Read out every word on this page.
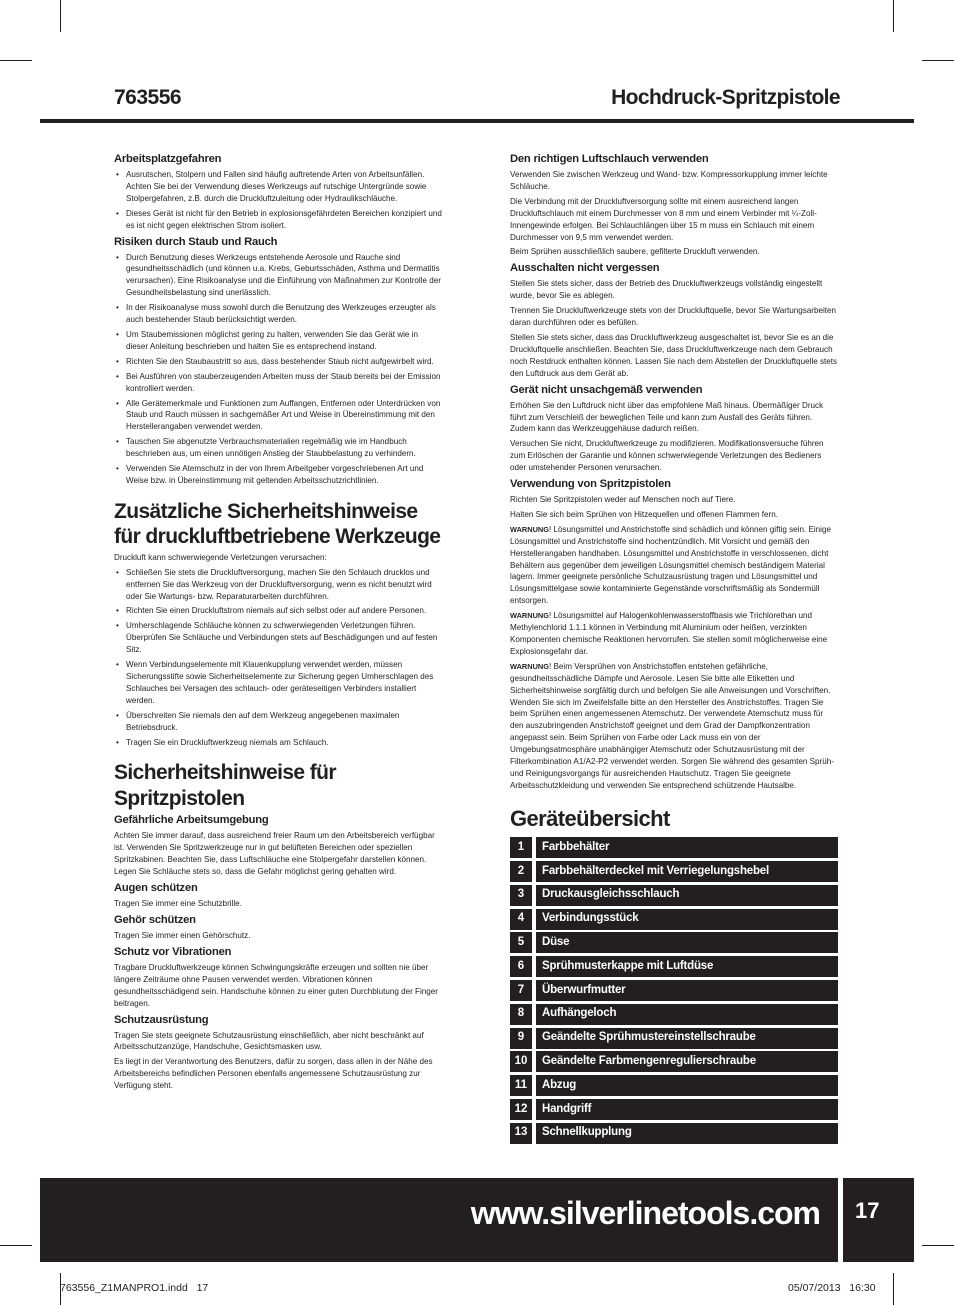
763556	Hochdruck-Spritzpistole
Arbeitsplatzgefahren
• Ausrutschen, Stolpern und Fallen sind häufig auftretende Arten von Arbeitsunfällen. Achten Sie bei der Verwendung dieses Werkzeugs auf rutschige Untergründe sowie Stolpergefahren, z.B. durch die Druckluftzuleitung oder Hydraulikschläuche.
• Dieses Gerät ist nicht für den Betrieb in explosionsgefährdeten Bereichen konzipiert und es ist nicht gegen elektrischen Strom isoliert.
Risiken durch Staub und Rauch
• Durch Benutzung dieses Werkzeugs entstehende Aerosole und Rauche sind gesundheitsschädlich (und können u.a. Krebs, Geburtsschäden, Asthma und Dermatitis verursachen). Eine Risikoanalyse und die Einführung von Maßnahmen zur Kontrolle der Gesundheitsbelastung sind unerlässlich.
• In der Risikoanalyse muss sowohl durch die Benutzung des Werkzeuges erzeugter als auch bestehender Staub berücksichtigt werden.
• Um Staubemissionen möglichst gering zu halten, verwenden Sie das Gerät wie in dieser Anleitung beschrieben und halten Sie es entsprechend instand.
• Richten Sie den Staubaustritt so aus, dass bestehender Staub nicht aufgewirbelt wird.
• Bei Ausführen von stauberzeugenden Arbeiten muss der Staub bereits bei der Emission kontrolliert werden.
• Alle Gerätemerkmale und Funktionen zum Auffangen, Entfernen oder Unterdrücken von Staub und Rauch müssen in sachgemäßer Art und Weise in Übereinstimmung mit den Herstellerangaben verwendet werden.
• Tauschen Sie abgenutzte Verbrauchsmaterialien regelmäßig wie im Handbuch beschrieben aus, um einen unnötigen Anstieg der Staubbelastung zu verhindern.
• Verwenden Sie Atemschutz in der von Ihrem Arbeitgeber vorgeschriebenen Art und Weise bzw. in Übereinstimmung mit geltenden Arbeitsschutzrichtlinien.
Zusätzliche Sicherheitshinweise für druckluftbetriebene Werkzeuge

Druckluft kann schwerwiegende Verletzungen verursachen:

• Schließen Sie stets die Druckluftversorgung, machen Sie den Schlauch drucklos und entfernen Sie das Werkzeug von der Druckluftversorgung, wenn es nicht benutzt wird oder Sie Wartungs- bzw. Reparaturarbeiten durchführen.
• Richten Sie einen Druckluftstrom niemals auf sich selbst oder auf andere Personen.
• Umherschlagende Schläuche können zu schwerwiegenden Verletzungen führen. Überprüfen Sie Schläuche und Verbindungen stets auf Beschädigungen und auf festen Sitz.
• Wenn Verbindungselemente mit Klauenkupplung verwendet werden, müssen Sicherungsstifte sowie Sicherheitselemente zur Sicherung gegen Umherschlagen des Schlauches bei Versagen des schlauch- oder geräteseitigen Verbinders installiert werden.
• Überschreiten Sie niemals den auf dem Werkzeug angegebenen maximalen Betriebsdruck.
• Tragen Sie ein Druckluftwerkzeug niemals am Schlauch.
Sicherheitshinweise für Spritzpistolen
Gefährliche Arbeitsumgebung

Achten Sie immer darauf, dass ausreichend freier Raum um den Arbeitsbereich verfügbar ist. Verwenden Sie Spritzwerkzeuge nur in gut belüfteten Bereichen oder speziellen Spritzkabinen. Beachten Sie, dass Luftschläuche eine Stolpergefahr darstellen können. Legen Sie Schläuche stets so, dass die Gefahr möglichst gering gehalten wird.

Augen schützen

Tragen Sie immer eine Schutzbrille.

Gehör schützen

Tragen Sie immer einen Gehörschutz.

Schutz vor Vibrationen

Tragbare Druckluftwerkzeuge können Schwingungskräfte erzeugen und sollten nie über längere Zeiträume ohne Pausen verwendet werden. Vibrationen können gesundheitsschädigend sein. Handschuhe können zu einer guten Durchblutung der Finger beitragen.

Schutzausrüstung

Tragen Sie stets geeignete Schutzausrüstung einschließlich, aber nicht beschränkt auf Arbeitsschutzanzüge, Handschuhe, Gesichtsmasken usw.

Es liegt in der Verantwortung des Benutzers, dafür zu sorgen, dass allen in der Nähe des Arbeitsbereichs befindlichen Personen ebenfalls angemessene Schutzausrüstung zur Verfügung steht.

Den richtigen Luftschlauch verwenden

Verwenden Sie zwischen Werkzeug und Wand- bzw. Kompressorkupplung immer leichte Schläuche.

Die Verbindung mit der Druckluftversorgung sollte mit einem ausreichend langen Druckluftschlauch mit einem Durchmesser von 8 mm und einem Verbinder mit ¼-Zoll-Innengewinde erfolgen. Bei Schlauchlängen über 15 m muss ein Schlauch mit einem Durchmesser von 9,5 mm verwendet werden.

Beim Sprühen ausschließlich saubere, gefilterte Druckluft verwenden.

Ausschalten nicht vergessen

Stellen Sie stets sicher, dass der Betrieb des Druckluftwerkzeugs vollständig eingestellt wurde, bevor Sie es ablegen.

Trennen Sie Druckluftwerkzeuge stets von der Druckluftquelle, bevor Sie Wartungsarbeiten daran durchführen oder es befüllen.

Stellen Sie stets sicher, dass das Druckluftwerkzeug ausgeschaltet ist, bevor Sie es an die Druckluftquelle anschließen. Beachten Sie, dass Druckluftwerkzeuge nach dem Gebrauch noch Restdruck enthalten können. Lassen Sie nach dem Abstellen der Druckluftquelle stets den Luftdruck aus dem Gerät ab.

Gerät nicht unsachgemäß verwenden

Erhöhen Sie den Luftdruck nicht über das empfohlene Maß hinaus. Übermäßiger Druck führt zum Verschleiß der beweglichen Teile und kann zum Ausfall des Geräts führen. Zudem kann das Werkzeuggehäuse dadurch reißen.

Versuchen Sie nicht, Druckluftwerkzeuge zu modifizieren. Modifikationsversuche führen zum Erlöschen der Garantie und können schwerwiegende Verletzungen des Bedieners oder umstehender Personen verursachen.

Verwendung von Spritzpistolen

Richten Sie Spritzpistolen weder auf Menschen noch auf Tiere.

Halten Sie sich beim Sprühen von Hitzequellen und offenen Flammen fern.

WARNUNG! Lösungsmittel und Anstrichstoffe sind schädlich und können giftig sein. Einige Lösungsmittel und Anstrichstoffe sind hochentzündlich. Mit Vorsicht und gemäß den Herstellerangaben handhaben. Lösungsmittel und Anstrichstoffe in verschlossenen, dicht Behältern aus gegenüber dem jeweiligen Lösungsmittel chemisch beständigem Material lagern. Immer geeignete persönliche Schutzausrüstung tragen und Lösungsmittel und Lösungsmittelgase sowie kontaminierte Gegenstände vorschriftsmäßig als Sondermüll entsorgen.

WARNUNG! Lösungsmittel auf Halogenkohlenwasserstoffbasis wie Trichlorethan und Methylenchlorid 1.1.1 können in Verbindung mit Aluminium oder heißen, verzinkten Komponenten chemische Reaktionen hervorrufen. Sie stellen somit möglicherweise eine Explosionsgefahr dar.

WARNUNG! Beim Versprühen von Anstrichstoffen entstehen gefährliche, gesundheitsschädliche Dämpfe und Aerosole. Lesen Sie bitte alle Etiketten und Sicherheitshinweise sorgfältig durch und befolgen Sie alle Anweisungen und Vorschriften. Wenden Sie sich im Zweifelsfalle bitte an den Hersteller des Anstrichstoffes. Tragen Sie beim Sprühen einen angemessenen Atemschutz. Der verwendete Atemschutz muss für den auszubringenden Anstrichstoff geeignet und dem Grad der Dampfkonzentration angepasst sein. Beim Sprühen von Farbe oder Lack muss ein von der Umgebungsatmosphäre unabhängiger Atemschutz oder Schutzausrüstung mit der Filterkombination A1/A2-P2 verwendet werden. Sorgen Sie während des gesamten Sprüh- und Reinigungsvorgangs für ausreichenden Hautschutz. Tragen Sie geeignete Arbeitsschutzkleidung und verwenden Sie entsprechend schützende Hautsalbe.

Geräteübersicht
1	Farbbehälter
2	Farbbehälterdeckel mit Verriegelungshebel
3	Druckausgleichsschlauch
4	Verbindungsstück
5	Düse
6	Sprühmusterkappe mit Luftdüse
7	Überwurfmutter
8	Aufhängeloch
9	Geändelte Sprühmustereinstellschraube
10	Geändelte Farbmengenregulierschraube
11	Abzug
12	Handgriff
13	Schnellkupplung
www.silverlinetools.com 17
763556_Z1MANPRO1.indd   17	05/07/2013   16:30
